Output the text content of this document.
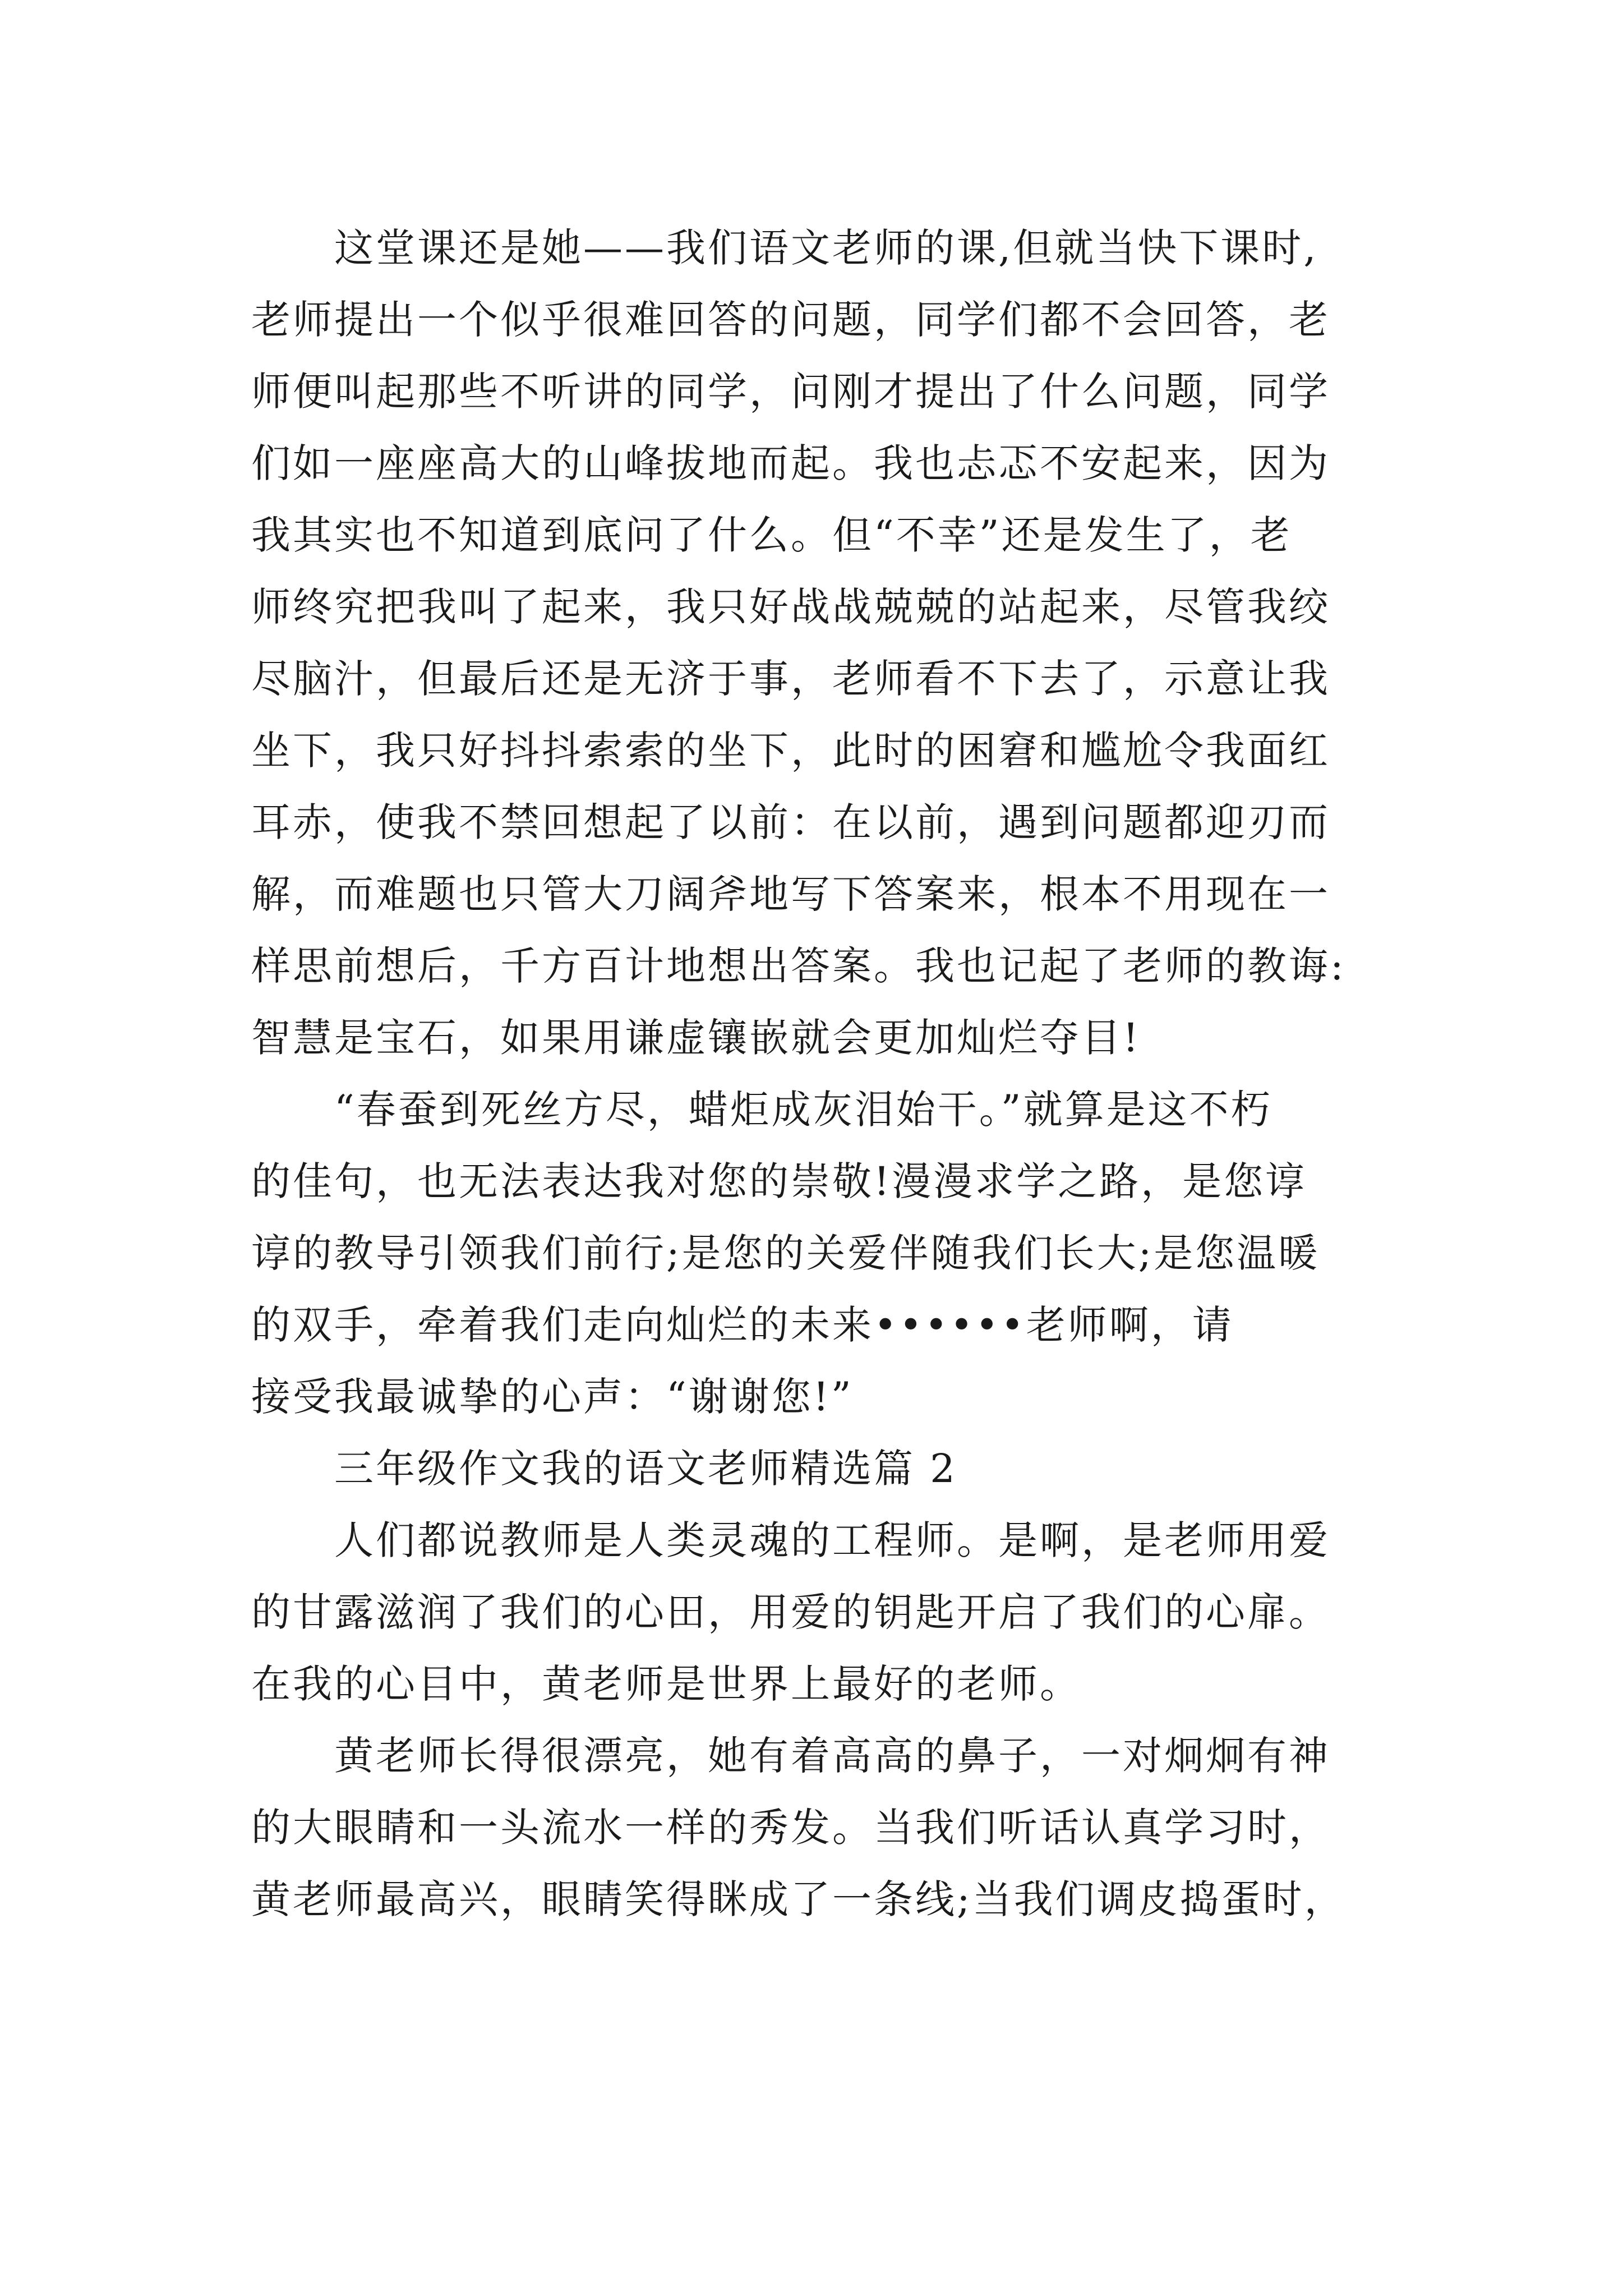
这堂课还是她——我们语文老师的课,但就当快下课时,
老师提出一个似乎很难回答的问题，同学们都不会回答，老
师便叫起那些不听讲的同学，问刚才提出了什么问题，同学
们如一座座高大的山峰拔地而起。我也忐忑不安起来，因为
我其实也不知道到底问了什么。但“不幸”还是发生了，老
师终究把我叫了起来，我只好战战兢兢的站起来，尽管我绞
尽脑汁，但最后还是无济于事，老师看不下去了，示意让我
坐下，我只好抖抖索索的坐下，此时的困窘和尴尬令我面红
耳赤，使我不禁回想起了以前：在以前，遇到问题都迎刃而
解，而难题也只管大刀阔斧地写下答案来，根本不用现在一
样思前想后，千方百计地想出答案。我也记起了老师的教诲:
智慧是宝石，如果用谦虚镶嵌就会更加灿烂夺目!
“春蚕到死丝方尽，蜡炬成灰泪始干。”就算是这不朽
的佳句，也无法表达我对您的崇敬!漫漫求学之路，是您谆
谆的教导引领我们前行;是您的关爱伴随我们长大;是您温暖
的双手，牵着我们走向灿烂的未来••••••老师啊，请
接受我最诚挚的心声：“谢谢您!”
三年级作文我的语文老师精选篇 2
人们都说教师是人类灵魂的工程师。是啊，是老师用爱
的甘露滋润了我们的心田，用爱的钥匙开启了我们的心扉。
在我的心目中，黄老师是世界上最好的老师。
黄老师长得很漂亮，她有着高高的鼻子，一对炯炯有神
的大眼睛和一头流水一样的秀发。当我们听话认真学习时，
黄老师最高兴，眼睛笑得眯成了一条线;当我们调皮捣蛋时，
